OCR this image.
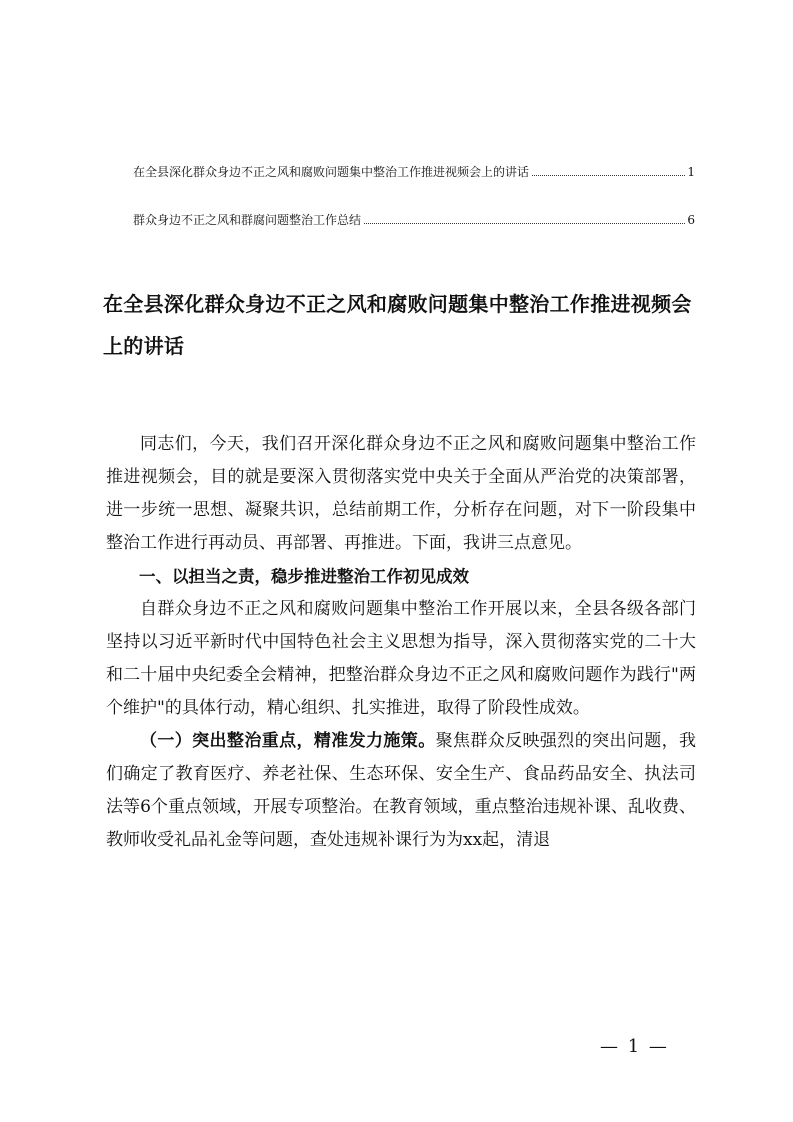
在全县深化群众身边不正之风和腐败问题集中整治工作推进视频会上的讲话	1
群众身边不正之风和群腐问题整治工作总结	6
在全县深化群众身边不正之风和腐败问题集中整治工作推进视频会上的讲话

同志们，今天，我们召开深化群众身边不正之风和腐败问题集中整治工作推进视频会，目的就是要深入贯彻落实党中央关于全面从严治党的决策部署，进一步统一思想、凝聚共识，总结前期工作，分析存在问题，对下一阶段集中整治工作进行再动员、再部署、再推进。下面，我讲三点意见。

一、以担当之责，稳步推进整治工作初见成效

自群众身边不正之风和腐败问题集中整治工作开展以来，全县各级各部门坚持以习近平新时代中国特色社会主义思想为指导，深入贯彻落实党的二十大和二十届中央纪委全会精神，把整治群众身边不正之风和腐败问题作为践行"两个维护"的具体行动，精心组织、扎实推进，取得了阶段性成效。

（一）突出整治重点，精准发力施策。聚焦群众反映强烈的突出问题，我们确定了教育医疗、养老社保、生态环保、安全生产、食品药品安全、执法司法等6个重点领域，开展专项整治。在教育领域，重点整治违规补课、乱收费、教师收受礼品礼金等问题，查处违规补课行为为xx起，清退

— 1 —
